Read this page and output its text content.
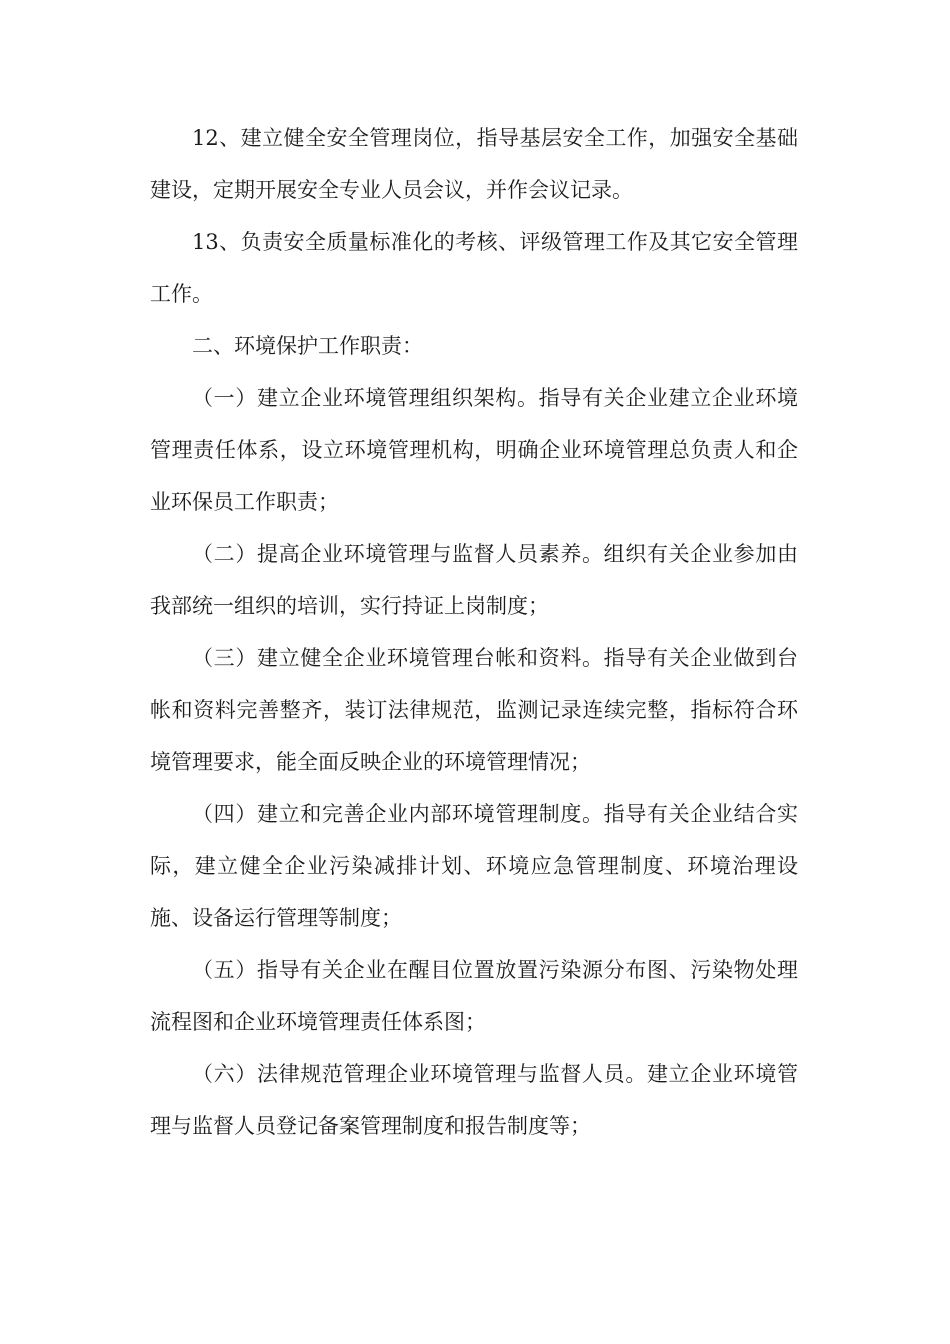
12、建立健全安全管理岗位，指导基层安全工作，加强安全基础建设，定期开展安全专业人员会议，并作会议记录。

13、负责安全质量标准化的考核、评级管理工作及其它安全管理工作。

二、环境保护工作职责：

（一）建立企业环境管理组织架构。指导有关企业建立企业环境管理责任体系，设立环境管理机构，明确企业环境管理总负责人和企业环保员工作职责；

（二）提高企业环境管理与监督人员素养。组织有关企业参加由我部统一组织的培训，实行持证上岗制度；

（三）建立健全企业环境管理台帐和资料。指导有关企业做到台帐和资料完善整齐，装订法律规范，监测记录连续完整，指标符合环境管理要求，能全面反映企业的环境管理情况；

（四）建立和完善企业内部环境管理制度。指导有关企业结合实际，建立健全企业污染减排计划、环境应急管理制度、环境治理设施、设备运行管理等制度；

（五）指导有关企业在醒目位置放置污染源分布图、污染物处理流程图和企业环境管理责任体系图；

（六）法律规范管理企业环境管理与监督人员。建立企业环境管理与监督人员登记备案管理制度和报告制度等；
